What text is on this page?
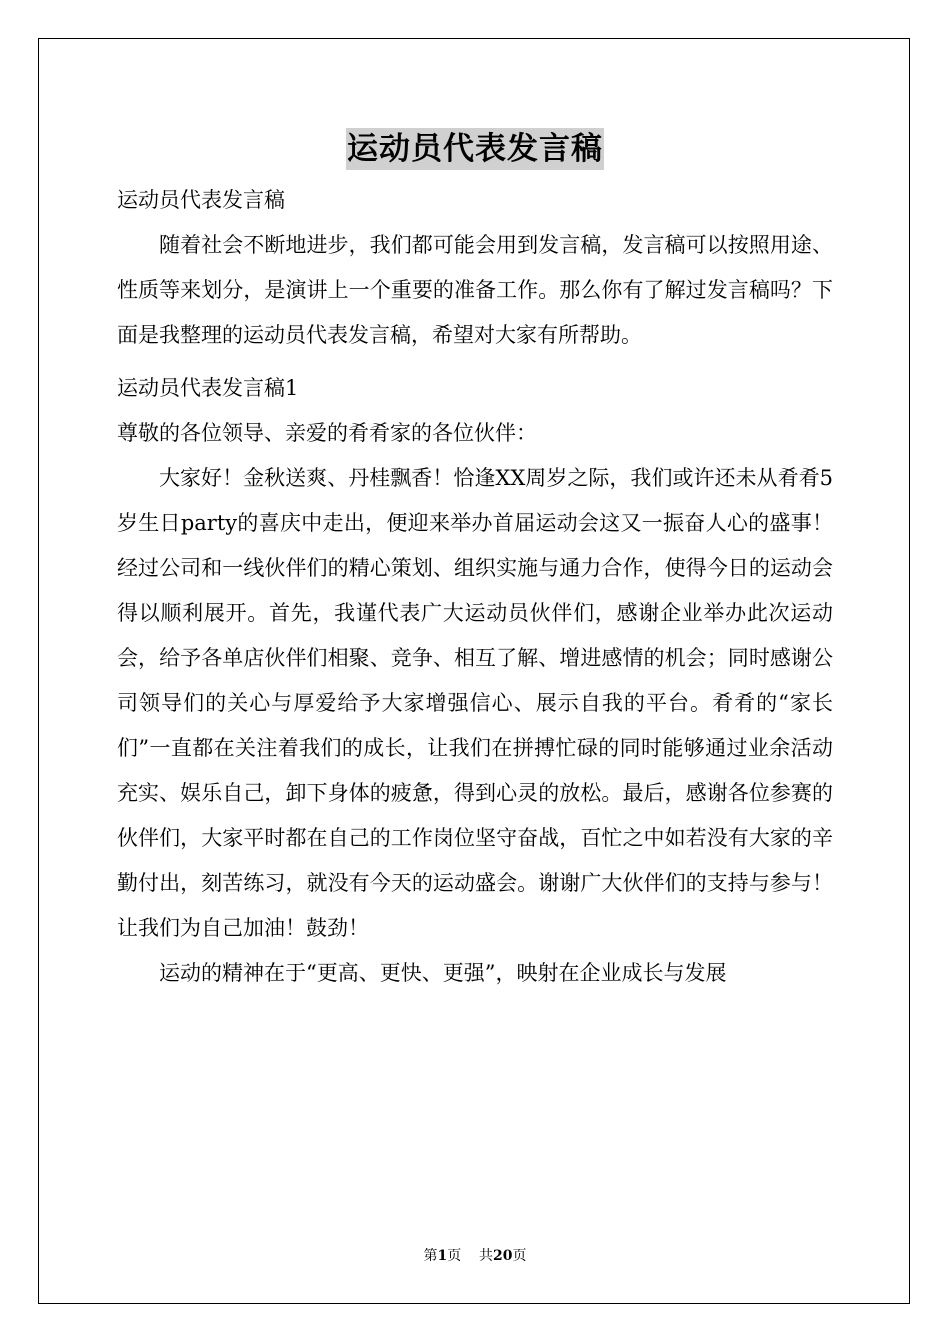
运动员代表发言稿

运动员代表发言稿

随着社会不断地进步，我们都可能会用到发言稿，发言稿可以按照用途、性质等来划分，是演讲上一个重要的准备工作。那么你有了解过发言稿吗？下面是我整理的运动员代表发言稿，希望对大家有所帮助。

运动员代表发言稿1

尊敬的各位领导、亲爱的肴肴家的各位伙伴：

大家好！金秋送爽、丹桂飘香！恰逢XX周岁之际，我们或许还未从肴肴5岁生日party的喜庆中走出，便迎来举办首届运动会这又一振奋人心的盛事！经过公司和一线伙伴们的精心策划、组织实施与通力合作，使得今日的运动会得以顺利展开。首先，我谨代表广大运动员伙伴们，感谢企业举办此次运动会，给予各单店伙伴们相聚、竞争、相互了解、增进感情的机会；同时感谢公司领导们的关心与厚爱给予大家增强信心、展示自我的平台。肴肴的“家长们”一直都在关注着我们的成长，让我们在拼搏忙碌的同时能够通过业余活动充实、娱乐自己，卸下身体的疲惫，得到心灵的放松。最后，感谢各位参赛的伙伴们，大家平时都在自己的工作岗位坚守奋战，百忙之中如若没有大家的辛勤付出，刻苦练习，就没有今天的运动盛会。谢谢广大伙伴们的支持与参与！让我们为自己加油！鼓劲！

运动的精神在于“更高、更快、更强”，映射在企业成长与发展

第1页 共20页
